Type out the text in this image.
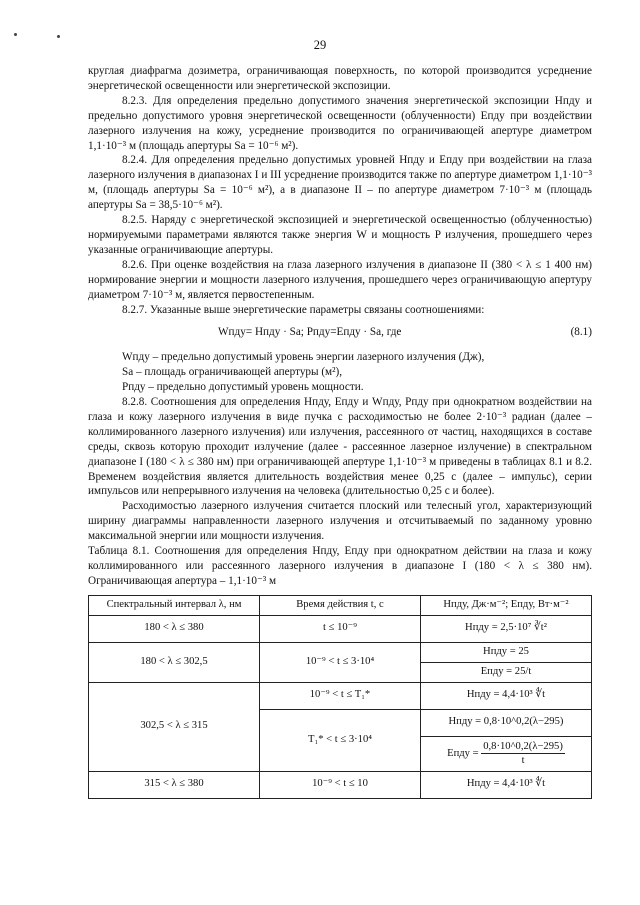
29

круглая диафрагма дозиметра, ограничивающая поверхность, по которой производится усреднение энергетической освещенности или энергетической экспозиции.

8.2.3. Для определения предельно допустимого значения энергетической экспозиции Hпду и предельно допустимого уровня энергетической освещенности (облученности) Eпду при воздействии лазерного излучения на кожу, усреднение производится по ограничивающей апертуре диаметром 1,1·10⁻³ м (площадь апертуры Sa = 10⁻⁶ м²).

8.2.4. Для определения предельно допустимых уровней Hпду и Eпду при воздействии на глаза лазерного излучения в диапазонах I и III усреднение производится также по апертуре диаметром 1,1·10⁻³ м, (площадь апертуры Sa = 10⁻⁶ м²), а в диапазоне II – по апертуре диаметром 7·10⁻³ м (площадь апертуры Sa = 38,5·10⁻⁶ м²).

8.2.5. Наряду с энергетической экспозицией и энергетической освещенностью (облученностью) нормируемыми параметрами являются также энергия W и мощность P излучения, прошедшего через указанные ограничивающие апертуры.

8.2.6. При оценке воздействия на глаза лазерного излучения в диапазоне II (380 < λ ≤ 1 400 нм) нормирование энергии и мощности лазерного излучения, прошедшего через ограничивающую апертуру диаметром 7·10⁻³ м, является первостепенным.

8.2.7. Указанные выше энергетические параметры связаны соотношениями:

Wпду= Hпду · Sа; Pпду=Eпду · Sа, где	(8.1)

Wпду – предельно допустимый уровень энергии лазерного излучения (Дж),

Sа – площадь ограничивающей апертуры (м²),

Pпду – предельно допустимый уровень мощности.

8.2.8. Соотношения для определения Hпду, Eпду и Wпду, Pпду при однократном воздействии на глаза и кожу лазерного излучения в виде пучка с расходимостью не более 2·10⁻³ радиан (далее – коллимированного лазерного излучения) или излучения, рассеянного от частиц, находящихся в составе среды, сквозь которую проходит излучение (далее - рассеянное лазерное излучение) в спектральном диапазоне I (180 < λ ≤ 380 нм) при ограничивающей апертуре 1,1·10⁻³ м приведены в таблицах 8.1 и 8.2. Временем воздействия является длительность воздействия менее 0,25 с (далее – импульс), серии импульсов или непрерывного излучения на человека (длительностью 0,25 с и более).

Расходимостью лазерного излучения считается плоский или телесный угол, характеризующий ширину диаграммы направленности лазерного излучения и отсчитываемый по заданному уровню максимальной энергии или мощности излучения.

Таблица 8.1. Соотношения для определения Hпду, Eпду при однократном действии на глаза и кожу коллимированного или рассеянного лазерного излучения в диапазоне I (180 < λ ≤ 380 нм). Ограничивающая апертура – 1,1·10⁻³ м

Спектральный интервал λ, нм	Время действия t, c	Hпду, Дж·м⁻²; Eпду, Вт·м⁻²
180 < λ ≤ 380	t ≤ 10⁻⁹	Hпду = 2,5·10⁷ ∛t²
180 < λ ≤ 302,5	10⁻⁹ < t ≤ 3·10⁴	Hпду = 25
		Eпду = 25/t
302,5 < λ ≤ 315	10⁻⁹ < t ≤ T₁*	Hпду = 4,4·10³ ∜t
	T₁* < t ≤ 3·10⁴	Hпду = 0,8·10^0,2(λ−295)
		Eпду = $\frac{0,8\cdot 10\^{}0,2(\lambda-295)}{t}$

315 < λ ≤ 380	10⁻⁹ < t ≤ 10	Hпду = 4,4·10³ ∜t
